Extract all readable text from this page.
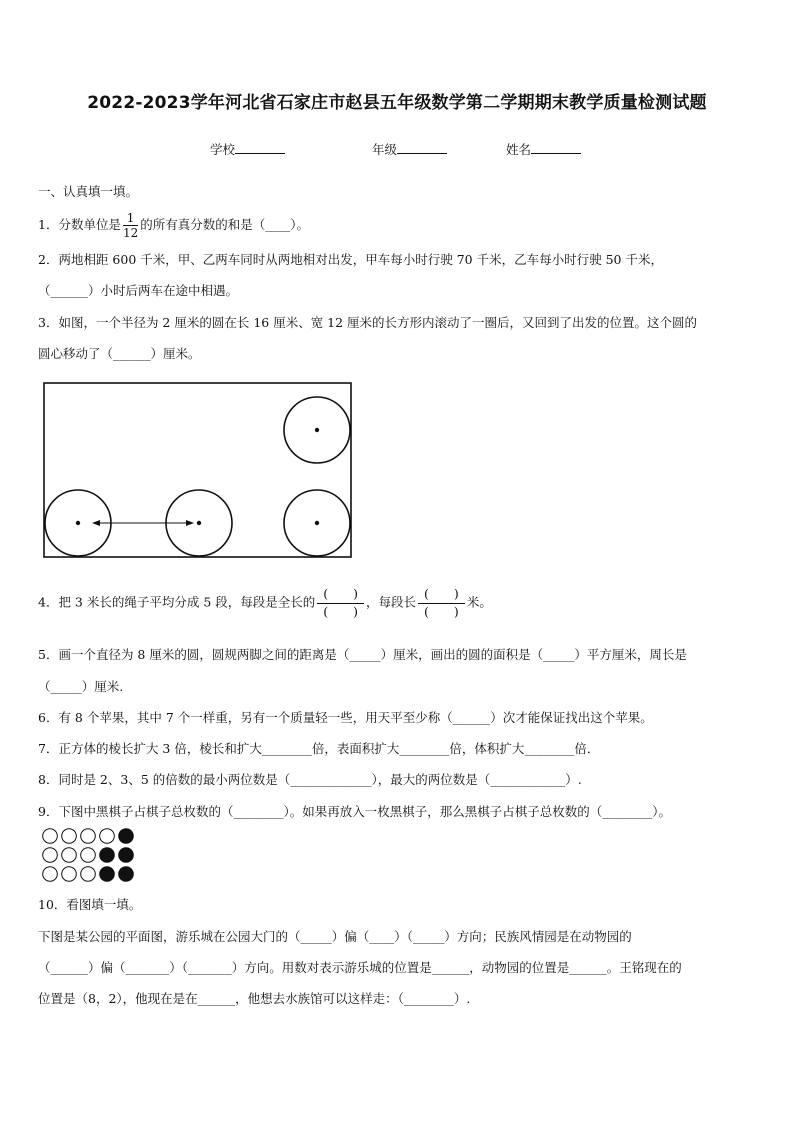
2022-2023学年河北省石家庄市赵县五年级数学第二学期期末教学质量检测试题
学校	年级	姓名
一、认真填一填。
1．分数单位是 $\frac{1}{12}$ 的所有真分数的和是（____）。
2．两地相距 600 千米，甲、乙两车同时从两地相对出发，甲车每小时行驶 70 千米，乙车每小时行驶 50 千米，
（______）小时后两车在途中相遇。
3．如图，一个半径为 2 厘米的圆在长 16 厘米、宽 12 厘米的长方形内滚动了一圈后，又回到了出发的位置。这个圆的
圆心移动了（______）厘米。
4．把 3 米长的绳子平均分成 5 段，每段是全长的 $\frac{( )}{( )}$ ，每段长 $\frac{( )}{( )}$ 米。
5．画一个直径为 8 厘米的圆，圆规两脚之间的距离是（_____）厘米，画出的圆的面积是（_____）平方厘米，周长是
（_____）厘米.
6．有 8 个苹果，其中 7 个一样重，另有一个质量轻一些，用天平至少称（______）次才能保证找出这个苹果。
7．正方体的棱长扩大 3 倍，棱长和扩大________倍，表面积扩大________倍，体积扩大________倍．
8．同时是 2、3、5 的倍数的最小两位数是（_____________），最大的两位数是（____________）.
9．下图中黑棋子占棋子总枚数的（________）。如果再放入一枚黑棋子，那么黑棋子占棋子总枚数的（________）。
10．看图填一填。
下图是某公园的平面图，游乐城在公园大门的（_____）偏（____）（_____）方向；民族风情园是在动物园的
（______）偏（_______）（_______）方向。用数对表示游乐城的位置是______，动物园的位置是______。王铭现在的
位置是（8，2），他现在是在______，他想去水族馆可以这样走：（________）.
